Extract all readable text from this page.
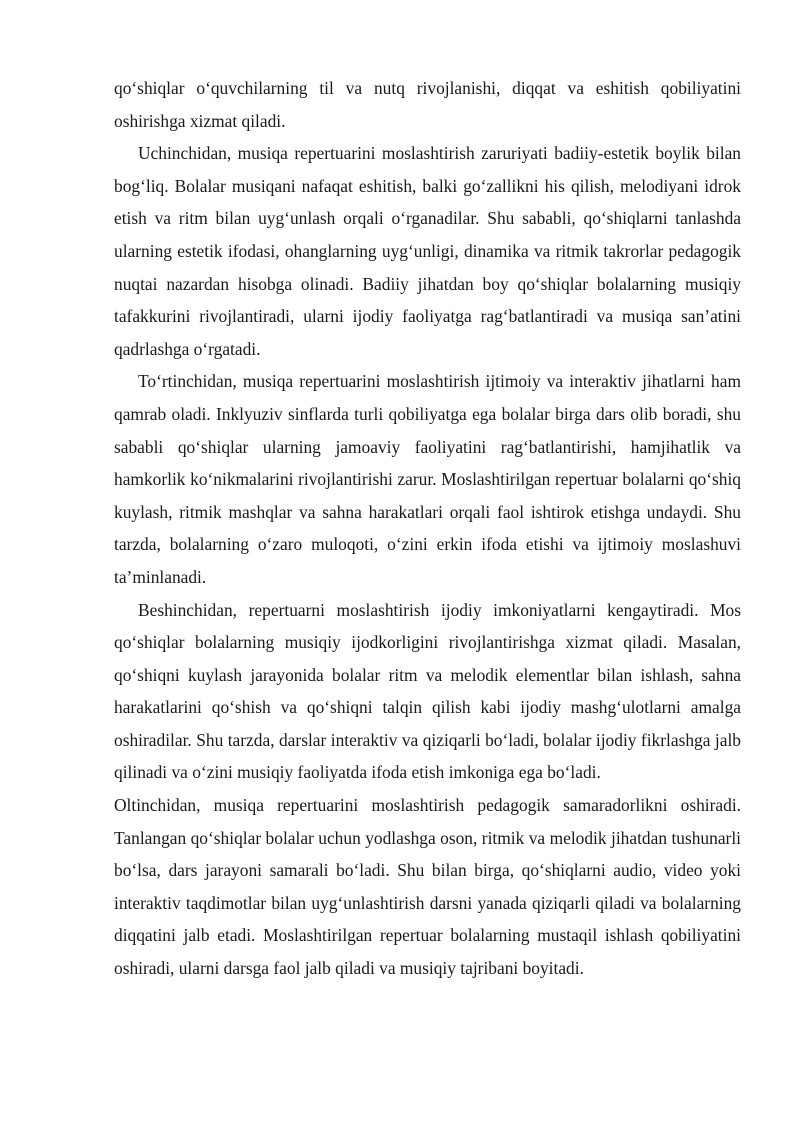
qo‘shiqlar o‘quvchilarning til va nutq rivojlanishi, diqqat va eshitish qobiliyatini oshirishga xizmat qiladi.

Uchinchidan, musiqa repertuarini moslashtirish zaruriyati badiiy-estetik boylik bilan bog‘liq. Bolalar musiqani nafaqat eshitish, balki go‘zallikni his qilish, melodiyani idrok etish va ritm bilan uyg‘unlash orqali o‘rganadilar. Shu sababli, qo‘shiqlarni tanlashda ularning estetik ifodasi, ohanglarning uyg‘unligi, dinamika va ritmik takrorlar pedagogik nuqtai nazardan hisobga olinadi. Badiiy jihatdan boy qo‘shiqlar bolalarning musiqiy tafakkurini rivojlantiradi, ularni ijodiy faoliyatga rag‘batlantiradi va musiqa san’atini qadrlashga o‘rgatadi.

To‘rtinchidan, musiqa repertuarini moslashtirish ijtimoiy va interaktiv jihatlarni ham qamrab oladi. Inklyuziv sinflarda turli qobiliyatga ega bolalar birga dars olib boradi, shu sababli qo‘shiqlar ularning jamoaviy faoliyatini rag‘batlantirishi, hamjihatlik va hamkorlik ko‘nikmalarini rivojlantirishi zarur. Moslashtirilgan repertuar bolalarni qo‘shiq kuylash, ritmik mashqlar va sahna harakatlari orqali faol ishtirok etishga undaydi. Shu tarzda, bolalarning o‘zaro muloqoti, o‘zini erkin ifoda etishi va ijtimoiy moslashuvi ta’minlanadi.

Beshinchidan, repertuarni moslashtirish ijodiy imkoniyatlarni kengaytiradi. Mos qo‘shiqlar bolalarning musiqiy ijodkorligini rivojlantirishga xizmat qiladi. Masalan, qo‘shiqni kuylash jarayonida bolalar ritm va melodik elementlar bilan ishlash, sahna harakatlarini qo‘shish va qo‘shiqni talqin qilish kabi ijodiy mashg‘ulotlarni amalga oshiradilar. Shu tarzda, darslar interaktiv va qiziqarli bo‘ladi, bolalar ijodiy fikrlashga jalb qilinadi va o‘zini musiqiy faoliyatda ifoda etish imkoniga ega bo‘ladi.

Oltinchidan, musiqa repertuarini moslashtirish pedagogik samaradorlikni oshiradi. Tanlangan qo‘shiqlar bolalar uchun yodlashga oson, ritmik va melodik jihatdan tushunarli bo‘lsa, dars jarayoni samarali bo‘ladi. Shu bilan birga, qo‘shiqlarni audio, video yoki interaktiv taqdimotlar bilan uyg‘unlashtirish darsni yanada qiziqarli qiladi va bolalarning diqqatini jalb etadi. Moslashtirilgan repertuar bolalarning mustaqil ishlash qobiliyatini oshiradi, ularni darsga faol jalb qiladi va musiqiy tajribani boyitadi.
